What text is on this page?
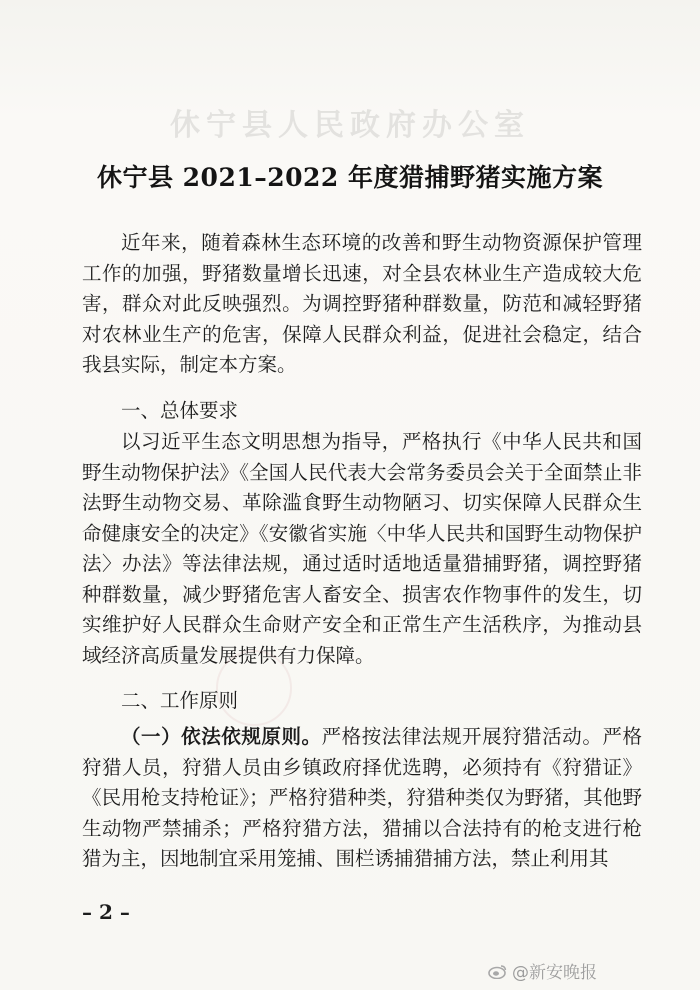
休宁县人民政府办公室
休宁县 2021–2022 年度猎捕野猪实施方案

近年来，随着森林生态环境的改善和野生动物资源保护管理工作的加强，野猪数量增长迅速，对全县农林业生产造成较大危害，群众对此反映强烈。为调控野猪种群数量，防范和减轻野猪对农林业生产的危害，保障人民群众利益，促进社会稳定，结合我县实际，制定本方案。

一、总体要求

以习近平生态文明思想为指导，严格执行《中华人民共和国野生动物保护法》《全国人民代表大会常务委员会关于全面禁止非法野生动物交易、革除滥食野生动物陋习、切实保障人民群众生命健康安全的决定》《安徽省实施〈中华人民共和国野生动物保护法〉办法》等法律法规，通过适时适地适量猎捕野猪，调控野猪种群数量，减少野猪危害人畜安全、损害农作物事件的发生，切实维护好人民群众生命财产安全和正常生产生活秩序，为推动县域经济高质量发展提供有力保障。

二、工作原则

（一）依法依规原则。严格按法律法规开展狩猎活动。严格狩猎人员，狩猎人员由乡镇政府择优选聘，必须持有《狩猎证》《民用枪支持枪证》；严格狩猎种类，狩猎种类仅为野猪，其他野生动物严禁捕杀；严格狩猎方法，猎捕以合法持有的枪支进行枪猎为主，因地制宜采用笼捕、围栏诱捕猎捕方法，禁止利用其

– 2 –
@新安晚报
